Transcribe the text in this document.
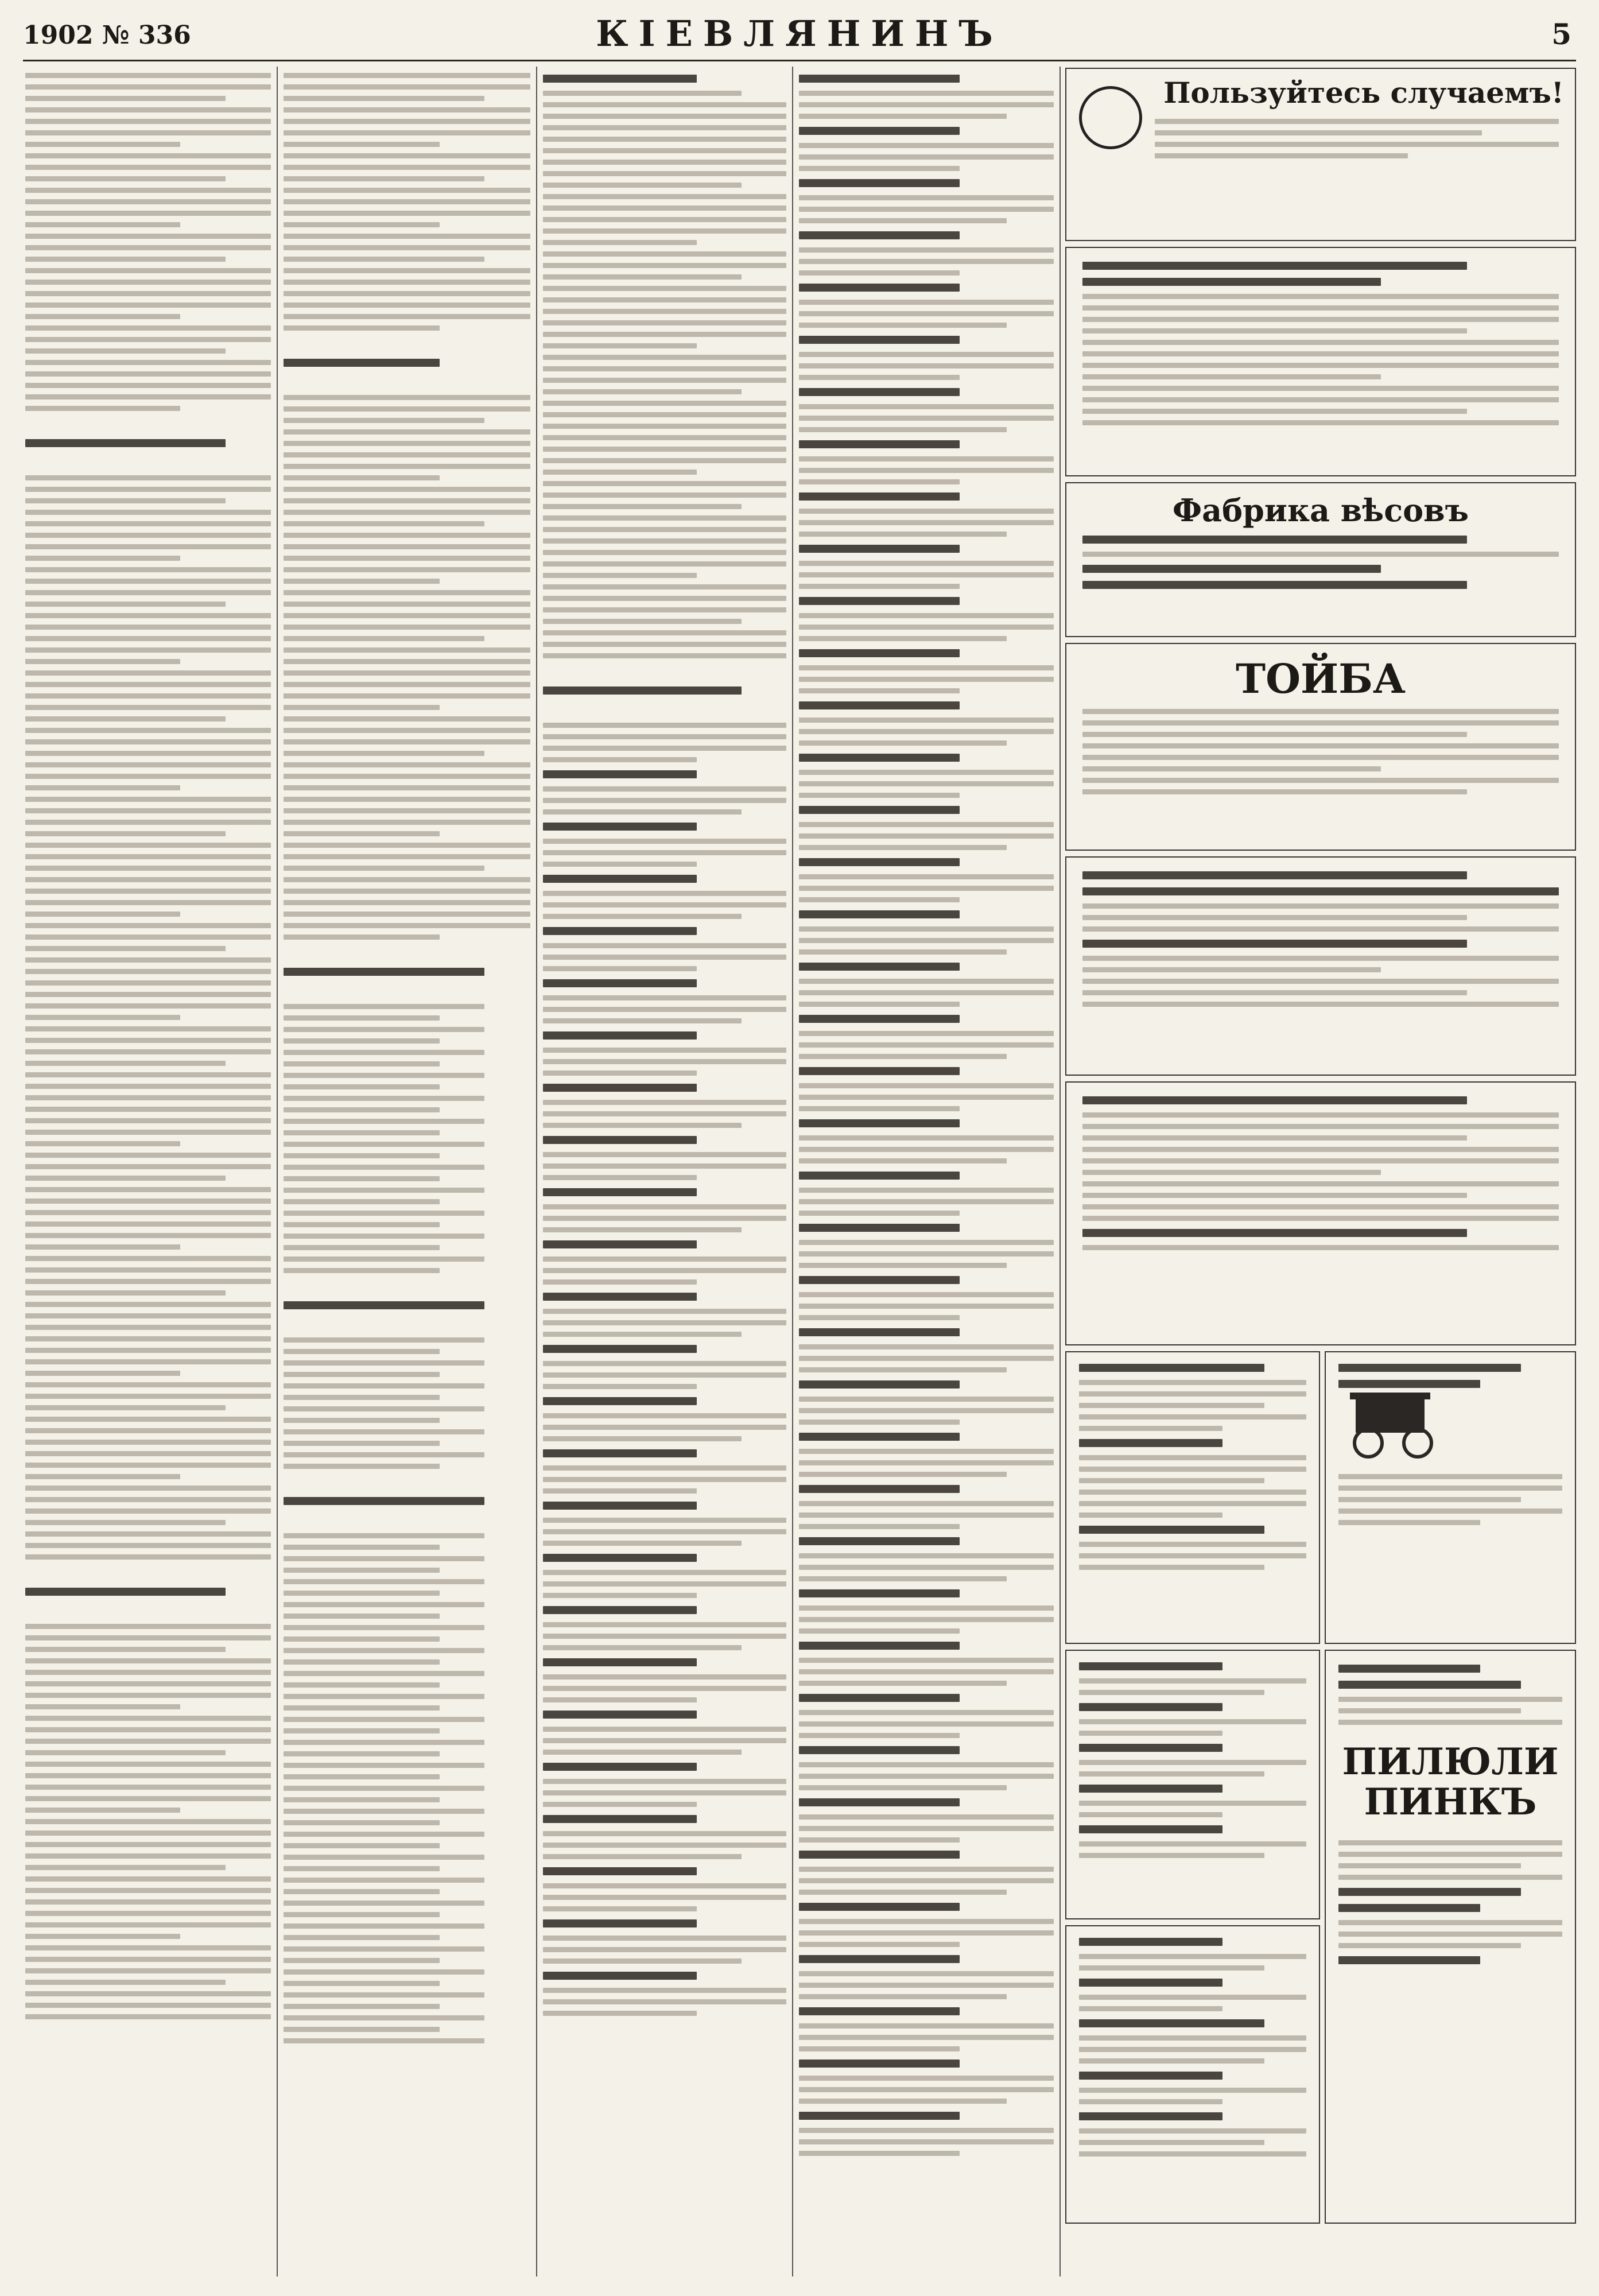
1902 № 336	КІЕВЛЯНИНЪ	5
Пользуйтесь случаемъ!
Фабрика вѣсовъ
ТОЙБА
ПИЛЮЛИ ПИНКЪ
